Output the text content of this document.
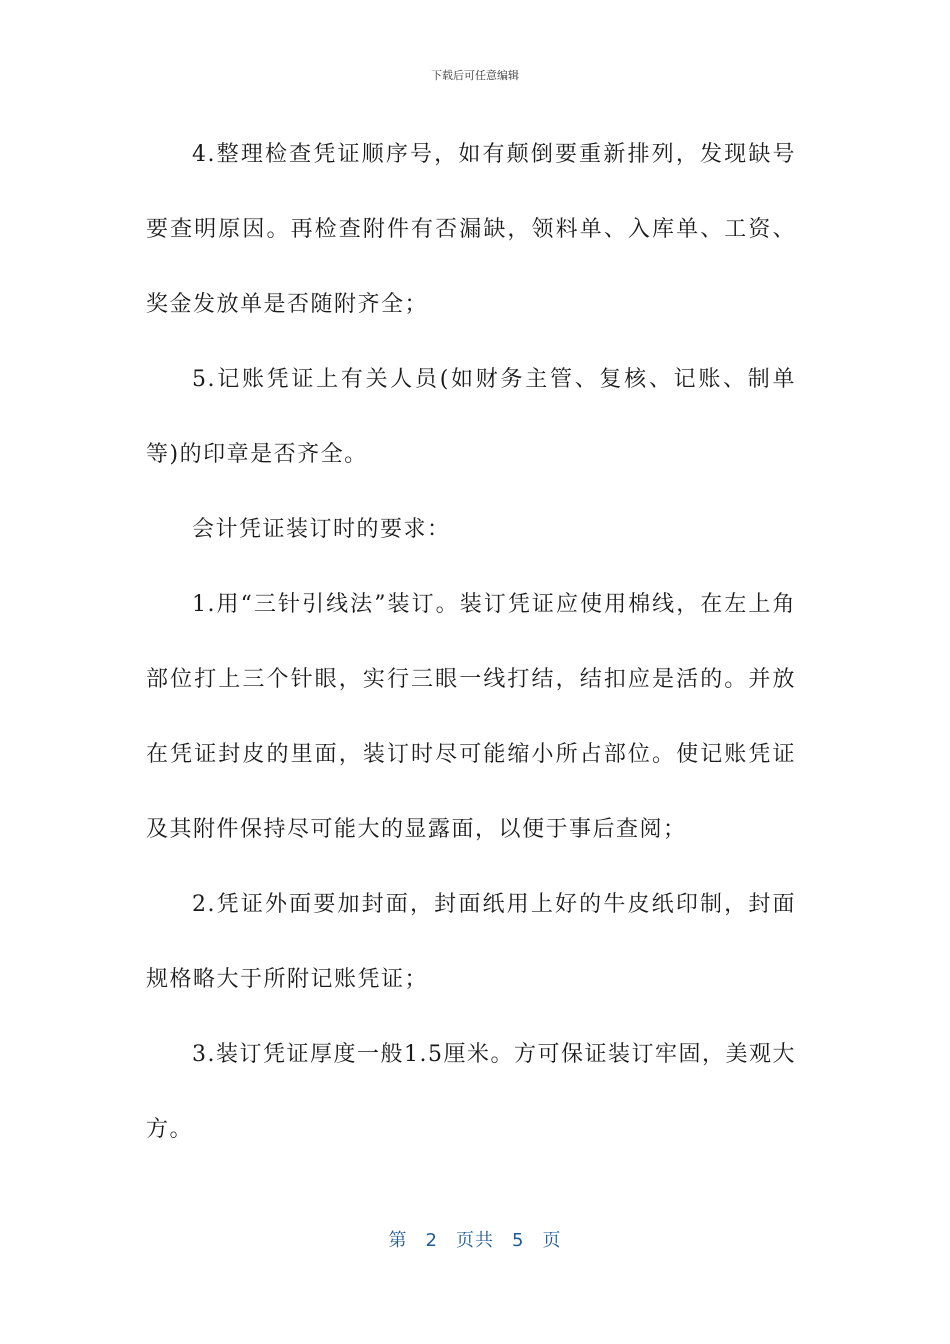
下载后可任意编辑

4.整理检查凭证顺序号，如有颠倒要重新排列，发现缺号要查明原因。再检查附件有否漏缺，领料单、入库单、工资、奖金发放单是否随附齐全；

5.记账凭证上有关人员(如财务主管、复核、记账、制单等)的印章是否齐全。

会计凭证装订时的要求：

1.用“三针引线法”装订。装订凭证应使用棉线，在左上角部位打上三个针眼，实行三眼一线打结，结扣应是活的。并放在凭证封皮的里面，装订时尽可能缩小所占部位。使记账凭证及其附件保持尽可能大的显露面，以便于事后查阅；

2.凭证外面要加封面，封面纸用上好的牛皮纸印制，封面规格略大于所附记账凭证；

3.装订凭证厚度一般1.5厘米。方可保证装订牢固，美观大方。

第 2 页共 5 页
